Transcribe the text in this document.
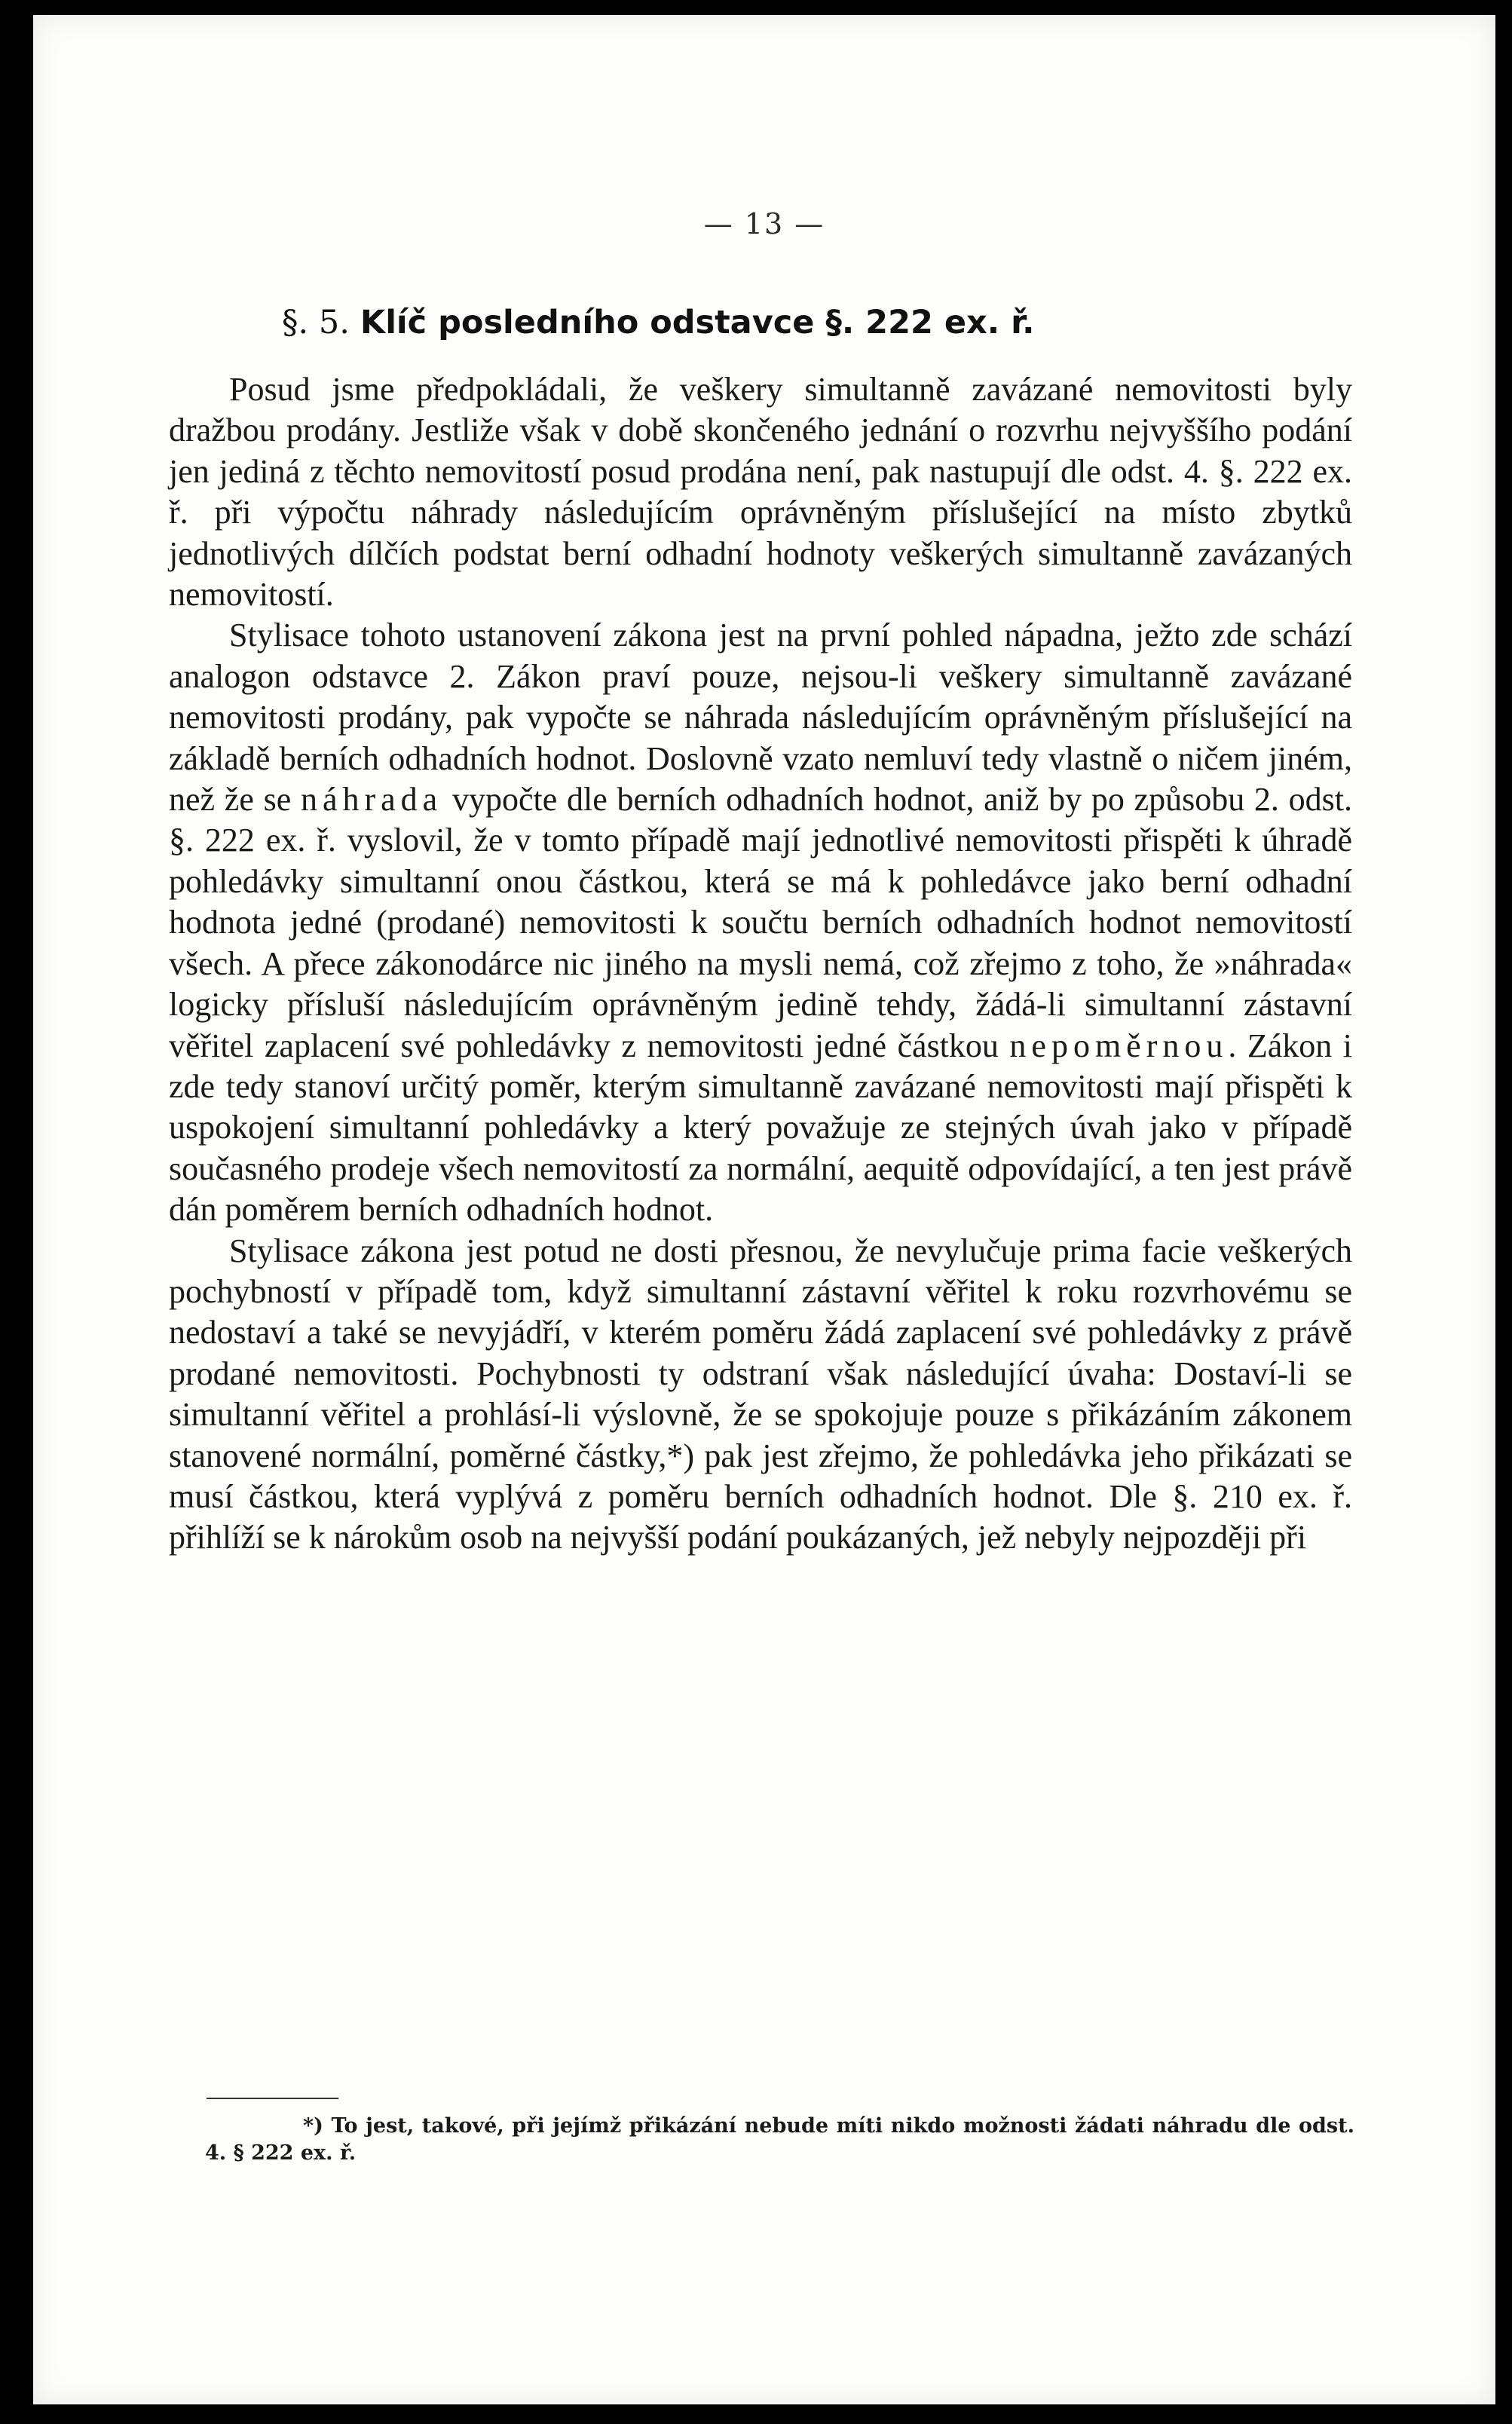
— 13 —
§. 5. Klíč posledního odstavce §. 222 ex. ř.

Posud jsme předpokládali, že veškery simultanně zavázané nemovitosti byly dražbou prodány. Jestliže však v době skončeného jednání o rozvrhu nejvyššího podání jen jediná z těchto nemovitostí posud prodána není, pak nastupují dle odst. 4. §. 222 ex. ř. při výpočtu náhrady následujícím oprávněným příslušející na místo zbytků jednotlivých dílčích podstat berní odhadní hodnoty veškerých simultanně zavázaných nemovitostí.

Stylisace tohoto ustanovení zákona jest na první pohled nápadna, ježto zde schází analogon odstavce 2. Zákon praví pouze, nejsou-li veškery simultanně zavázané nemovitosti prodány, pak vypočte se náhrada následujícím oprávněným příslušející na základě berních odhadních hodnot. Doslovně vzato nemluví tedy vlastně o ničem jiném, než že se náhrada vypočte dle berních odhadních hodnot, aniž by po způsobu 2. odst. §. 222 ex. ř. vyslovil, že v tomto případě mají jednotlivé nemovitosti přispěti k úhradě pohledávky simultanní onou částkou, která se má k pohledávce jako berní odhadní hodnota jedné (prodané) nemovitosti k součtu berních odhadních hodnot nemovitostí všech. A přece zákonodárce nic jiného na mysli nemá, což zřejmo z toho, že »náhrada« logicky přísluší následujícím oprávněným jedině tehdy, žádá-li simultanní zástavní věřitel zaplacení své pohledávky z nemovitosti jedné částkou nepoměrnou. Zákon i zde tedy stanoví určitý poměr, kterým simultanně zavázané nemovitosti mají přispěti k uspokojení simultanní pohledávky a který považuje ze stejných úvah jako v případě současného prodeje všech nemovitostí za normální, aequitě odpovídající, a ten jest právě dán poměrem berních odhadních hodnot.

Stylisace zákona jest potud ne dosti přesnou, že nevylučuje prima facie veškerých pochybností v případě tom, když simultanní zástavní věřitel k roku rozvrhovému se nedostaví a také se nevyjádří, v kterém poměru žádá zaplacení své pohledávky z právě prodané nemovitosti. Pochybnosti ty odstraní však následující úvaha: Dostaví-li se simultanní věřitel a prohlásí-li výslovně, že se spokojuje pouze s přikázáním zákonem stanovené normální, poměrné částky,*) pak jest zřejmo, že pohledávka jeho přikázati se musí částkou, která vyplývá z poměru berních odhadních hodnot. Dle §. 210 ex. ř. přihlíží se k nárokům osob na nejvyšší podání poukázaných, jež nebyly nejpozději při

*) To jest, takové, při jejímž přikázání nebude míti nikdo možnosti žádati náhradu dle odst. 4. § 222 ex. ř.
